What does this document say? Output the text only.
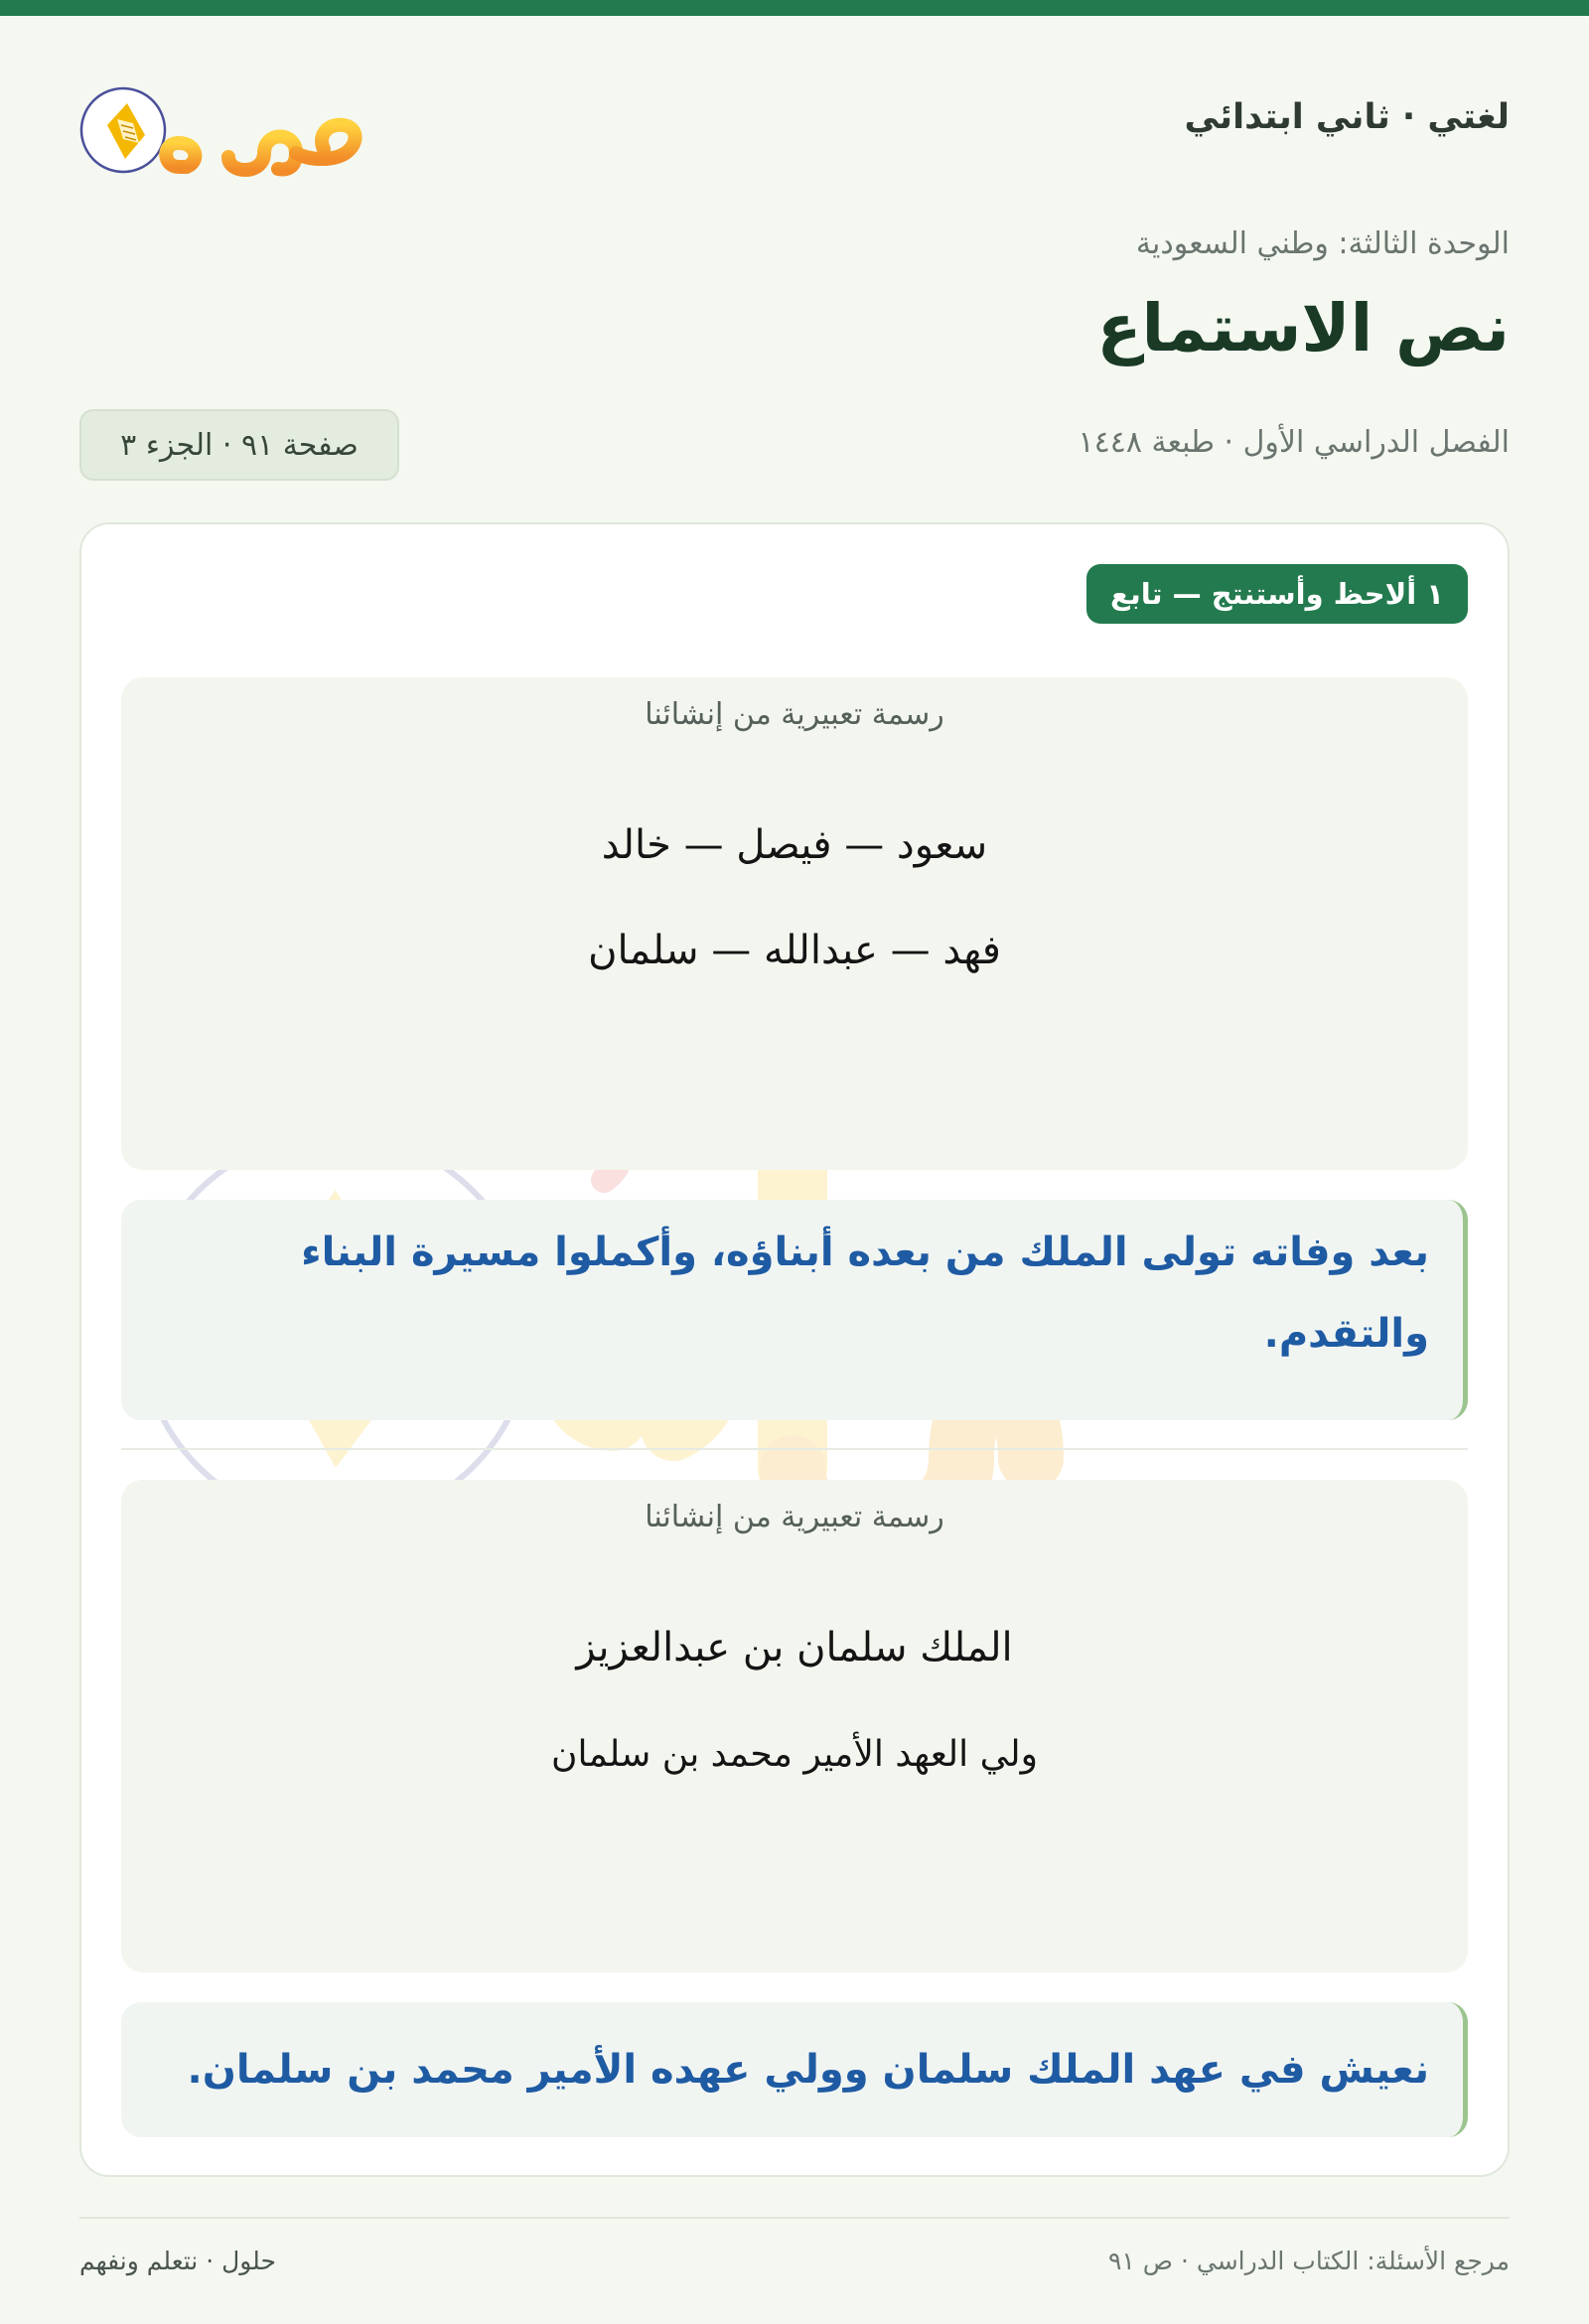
لغتي · ثاني ابتدائي
الوحدة الثالثة: وطني السعودية
نص الاستماع
الفصل الدراسي الأول · طبعة ١٤٤٨
صفحة ٩١ · الجزء ٣
١ ألاحظ وأستنتج — تابع
رسمة تعبيرية من إنشائنا
سعود — فيصل — خالد
فهد — عبدالله — سلمان
بعد وفاته تولى الملك من بعده أبناؤه، وأكملوا مسيرة البناء والتقدم.
رسمة تعبيرية من إنشائنا
الملك سلمان بن عبدالعزيز
ولي العهد الأمير محمد بن سلمان
نعيش في عهد الملك سلمان وولي عهده الأمير محمد بن سلمان.
مرجع الأسئلة: الكتاب الدراسي · ص ٩١
حلول · نتعلم ونفهم
